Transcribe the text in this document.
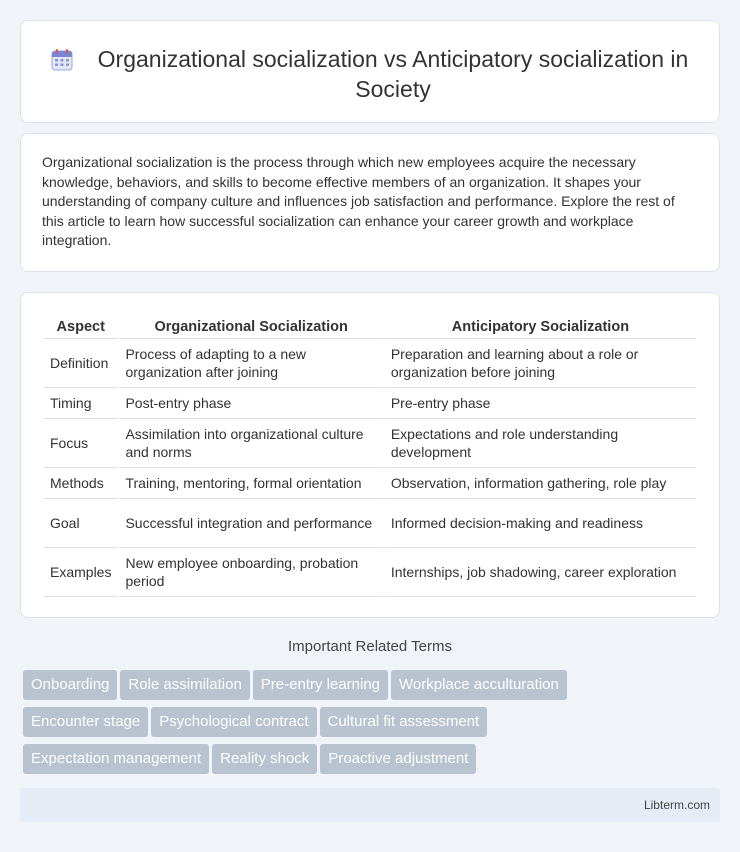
Organizational socialization vs Anticipatory socialization in Society

Organizational socialization is the process through which new employees acquire the necessary knowledge, behaviors, and skills to become effective members of an organization. It shapes your understanding of company culture and influences job satisfaction and performance. Explore the rest of this article to learn how successful socialization can enhance your career growth and workplace integration.

Aspect	Organizational Socialization	Anticipatory Socialization
Definition	Process of adapting to a new organization after joining	Preparation and learning about a role or organization before joining
Timing	Post-entry phase	Pre-entry phase
Focus	Assimilation into organizational culture and norms	Expectations and role understanding development
Methods	Training, mentoring, formal orientation	Observation, information gathering, role play
Goal	Successful integration and performance	Informed decision-making and readiness
Examples	New employee onboarding, probation period	Internships, job shadowing, career exploration
Important Related Terms
Onboarding Role assimilation Pre-entry learning Workplace acculturation
Encounter stage Psychological contract Cultural fit assessment
Expectation management Reality shock Proactive adjustment
Libterm.com
